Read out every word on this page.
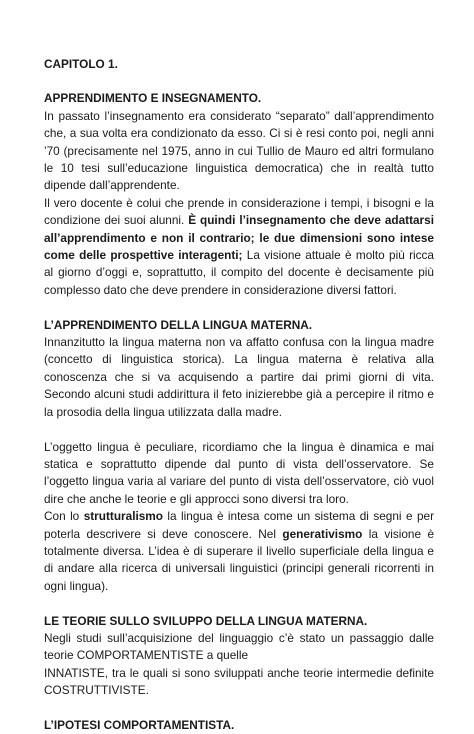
CAPITOLO 1.
APPRENDIMENTO E INSEGNAMENTO.

In passato l’insegnamento era considerato “separato” dall’apprendimento che, a sua volta era condizionato da esso. Ci si è resi conto poi, negli anni ’70 (precisamente nel 1975, anno in cui Tullio de Mauro ed altri formulano le 10 tesi sull’educazione linguistica democratica) che in realtà tutto dipende dall’apprendente.

Il vero docente è colui che prende in considerazione i tempi, i bisogni e la condizione dei suoi alunni. È quindi l’insegnamento che deve adattarsi all’apprendimento e non il contrario; le due dimensioni sono intese come delle prospettive interagenti; La visione attuale è molto più ricca al giorno d’oggi e, soprattutto, il compito del docente è decisamente più complesso dato che deve prendere in considerazione diversi fattori.

L’APPRENDIMENTO DELLA LINGUA MATERNA.

Innanzitutto la lingua materna non va affatto confusa con la lingua madre (concetto di linguistica storica). La lingua materna è relativa alla conoscenza che si va acquisendo a partire dai primi giorni di vita. Secondo alcuni studi addirittura il feto inizierebbe già a percepire il ritmo e la prosodia della lingua utilizzata dalla madre.

L’oggetto lingua è peculiare, ricordiamo che la lingua è dinamica e mai statica e soprattutto dipende dal punto di vista dell’osservatore. Se l’oggetto lingua varia al variare del punto di vista dell’osservatore, ciò vuol dire che anche le teorie e gli approcci sono diversi tra loro.

Con lo strutturalismo la lingua è intesa come un sistema di segni e per poterla descrivere si deve conoscere. Nel generativismo la visione è totalmente diversa. L’idea è di superare il livello superficiale della lingua e di andare alla ricerca di universali linguistici (principi generali ricorrenti in ogni lingua).

LE TEORIE SULLO SVILUPPO DELLA LINGUA MATERNA.

Negli studi sull’acquisizione del linguaggio c’è stato un passaggio dalle teorie COMPORTAMENTISTE a quelle

INNATISTE, tra le quali si sono sviluppati anche teorie intermedie definite COSTRUTTIVISTE.

L’IPOTESI COMPORTAMENTISTA.
